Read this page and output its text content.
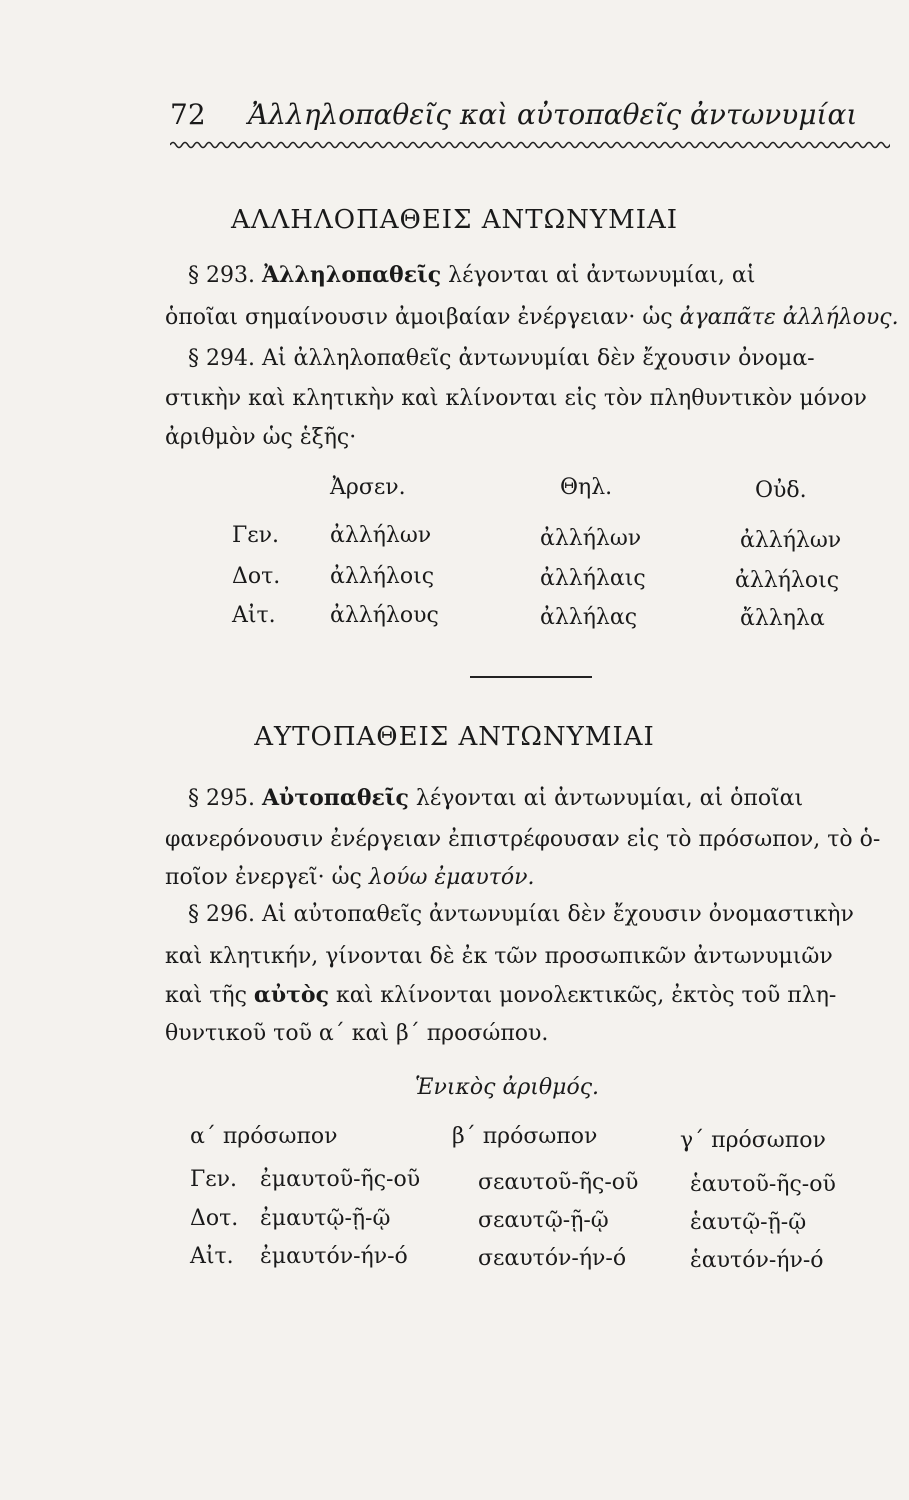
72 Ἀλληλοπαθεῖς καὶ αὐτοπαθεῖς ἀντωνυμίαι
ΑΛΛΗΛΟΠΑΘΕΙΣ ΑΝΤΩΝΥΜΙΑΙ
§ 293. Ἀλληλοπαθεῖς λέγονται αἱ ἀντωνυμίαι, αἱ
ὁποῖαι σημαίνουσιν ἀμοιβαίαν ἐνέργειαν· ὡς ἀγαπᾶτε ἀλλήλους.
§ 294. Αἱ ἀλληλοπαθεῖς ἀντωνυμίαι δὲν ἔχουσιν ὀνομα-
στικὴν καὶ κλητικὴν καὶ κλίνονται εἰς τὸν πληθυντικὸν μόνον
ἀριθμὸν ὡς ἑξῆς·
Ἀρσεν.	Θηλ.	Οὐδ.
Γεν. ἀλλήλων	ἀλλήλων	ἀλλήλων
Δοτ. ἀλλήλοις	ἀλλήλαις	ἀλλήλοις
Αἰτ. ἀλλήλους	ἀλλήλας	ἄλληλα
ΑΥΤΟΠΑΘΕΙΣ ΑΝΤΩΝΥΜΙΑΙ
§ 295. Αὐτοπαθεῖς λέγονται αἱ ἀντωνυμίαι, αἱ ὁποῖαι
φανερόνουσιν ἐνέργειαν ἐπιστρέφουσαν εἰς τὸ πρόσωπον, τὸ ὁ-
ποῖον ἐνεργεῖ· ὡς λούω ἐμαυτόν.
§ 296. Αἱ αὐτοπαθεῖς ἀντωνυμίαι δὲν ἔχουσιν ὀνομαστικὴν
καὶ κλητικήν, γίνονται δὲ ἐκ τῶν προσωπικῶν ἀντωνυμιῶν
καὶ τῆς αὐτὸς καὶ κλίνονται μονολεκτικῶς, ἐκτὸς τοῦ πλη-
θυντικοῦ τοῦ α΄ καὶ β΄ προσώπου.
Ἑνικὸς ἀριθμός.
α΄ πρόσωπον	β΄ πρόσωπον	γ΄ πρόσωπον
Γεν. ἐμαυτοῦ-ῆς-οῦ	σεαυτοῦ-ῆς-οῦ ἑαυτοῦ-ῆς-οῦ
Δοτ. ἐμαυτῷ-ῇ-ῷ	σεαυτῷ-ῇ-ῷ	ἑαυτῷ-ῇ-ῷ
Αἰτ. ἐμαυτόν-ήν-ό	σεαυτόν-ήν-ό	ἑαυτόν-ήν-ό
